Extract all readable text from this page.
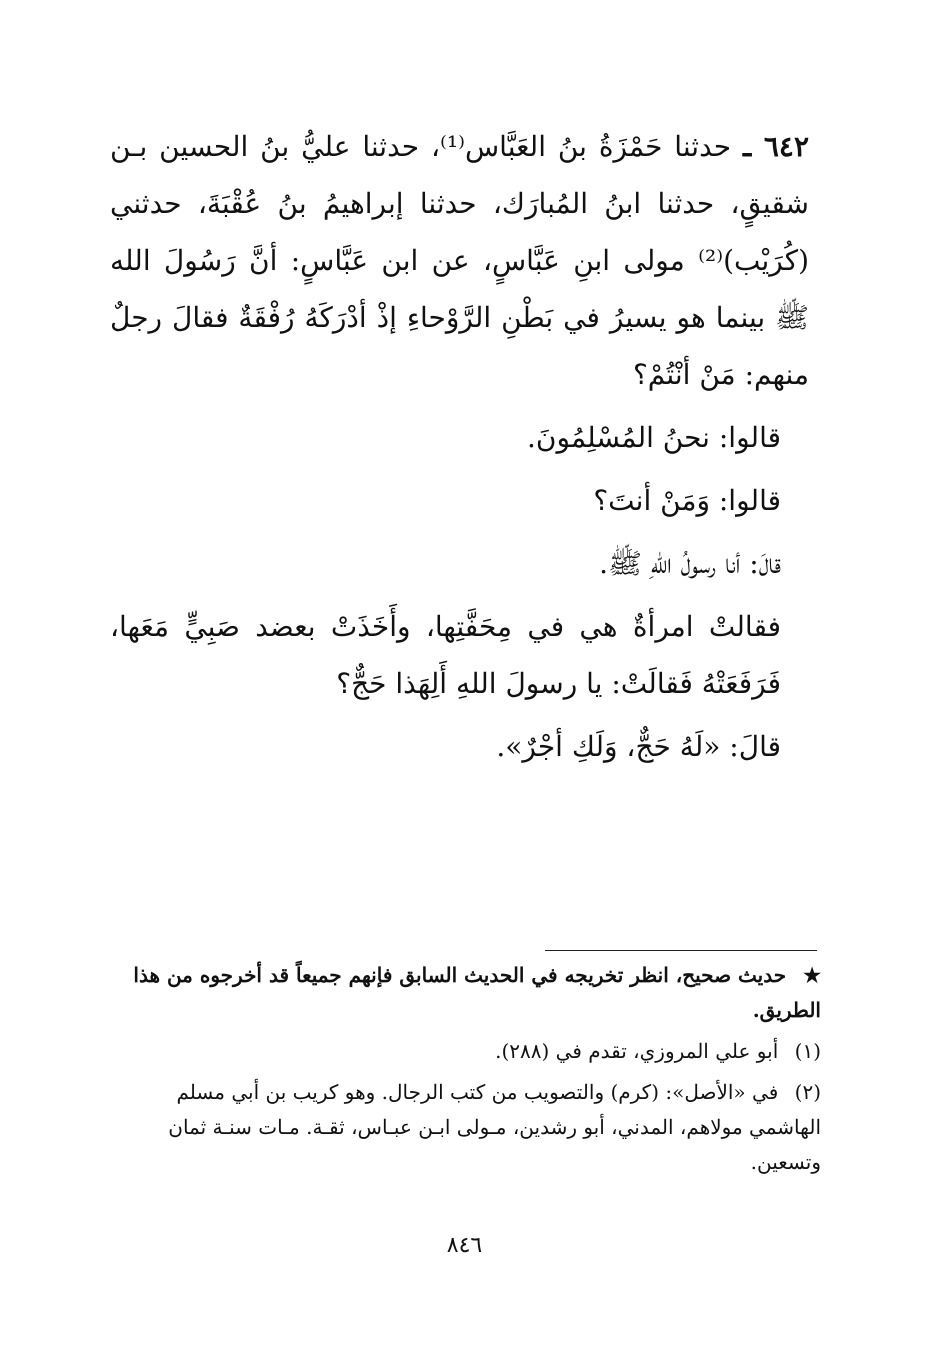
٦٤٢ ـ حدثنا حَمْزَةُ بنُ العَبَّاس⁽¹⁾، حدثنا عليُّ بنُ الحسين بـن شقيقٍ، حدثنا ابنُ المُبارَك، حدثنا إبراهيمُ بنُ عُقْبَةَ، حدثني (كُرَيْب)⁽²⁾ مولى ابنِ عَبَّاسٍ، عن ابن عَبَّاسٍ: أنَّ رَسُولَ الله ﷺ بينما هو يسيرُ في بَطْنِ الرَّوْحاءِ إذْ أدْرَكَهُ رُفْقَةٌ فقالَ رجلٌ منهم: مَنْ أنْتُمْ؟

قالوا: نحنُ المُسْلِمُونَ.

قالوا: وَمَنْ أنتَ؟

قالَ: أنا رسولُ اللهِ ﷺ.

فقالتْ امرأةٌ هي في مِحَفَّتِها، وأَخَذَتْ بعضد صَبِيٍّ مَعَها، فَرَفَعَتْهُ فَقالَتْ: يا رسولَ اللهِ أَلِهَذا حَجٌّ؟

قالَ: «لَهُ حَجٌّ، وَلَكِ أجْرٌ».

★ حديث صحيح، انظر تخريجه في الحديث السابق فإنهم جميعاً قد أخرجوه من هذا الطريق.

(١) أبو علي المروزي، تقدم في (٢٨٨).

(٢) في «الأصل»: (كرم) والتصويب من كتب الرجال. وهو كريب بن أبي مسلم الهاشمي مولاهم، المدني، أبو رشدين، مـولى ابـن عبـاس، ثقـة. مـات سنـة ثمان وتسعين.

٨٤٦
